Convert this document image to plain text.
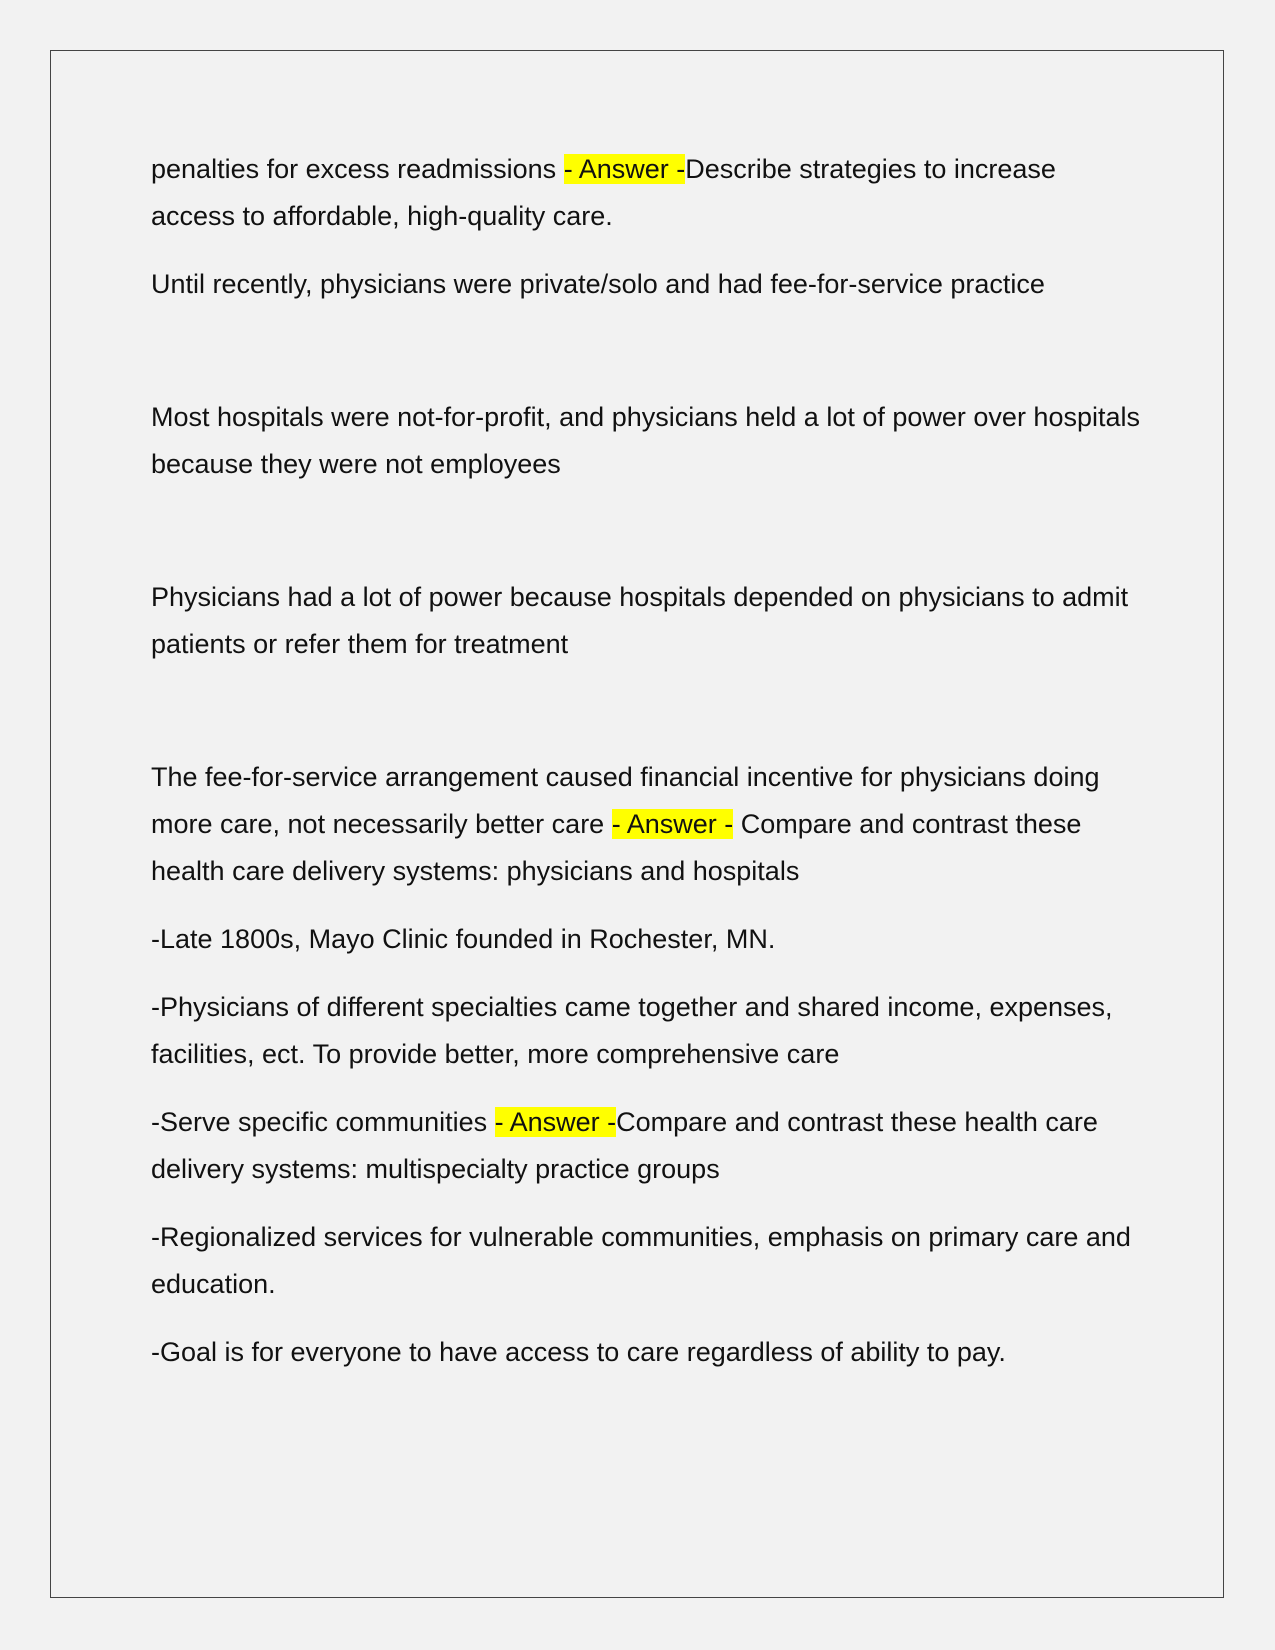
penalties for excess readmissions - Answer -Describe strategies to increase access to affordable, high-quality care.

Until recently, physicians were private/solo and had fee-for-service practice

Most hospitals were not-for-profit, and physicians held a lot of power over hospitals because they were not employees

Physicians had a lot of power because hospitals depended on physicians to admit patients or refer them for treatment

The fee-for-service arrangement caused financial incentive for physicians doing more care, not necessarily better care - Answer - Compare and contrast these health care delivery systems: physicians and hospitals

-Late 1800s, Mayo Clinic founded in Rochester, MN.

-Physicians of different specialties came together and shared income, expenses, facilities, ect. To provide better, more comprehensive care

-Serve specific communities - Answer -Compare and contrast these health care delivery systems: multispecialty practice groups

-Regionalized services for vulnerable communities, emphasis on primary care and education.

-Goal is for everyone to have access to care regardless of ability to pay.
